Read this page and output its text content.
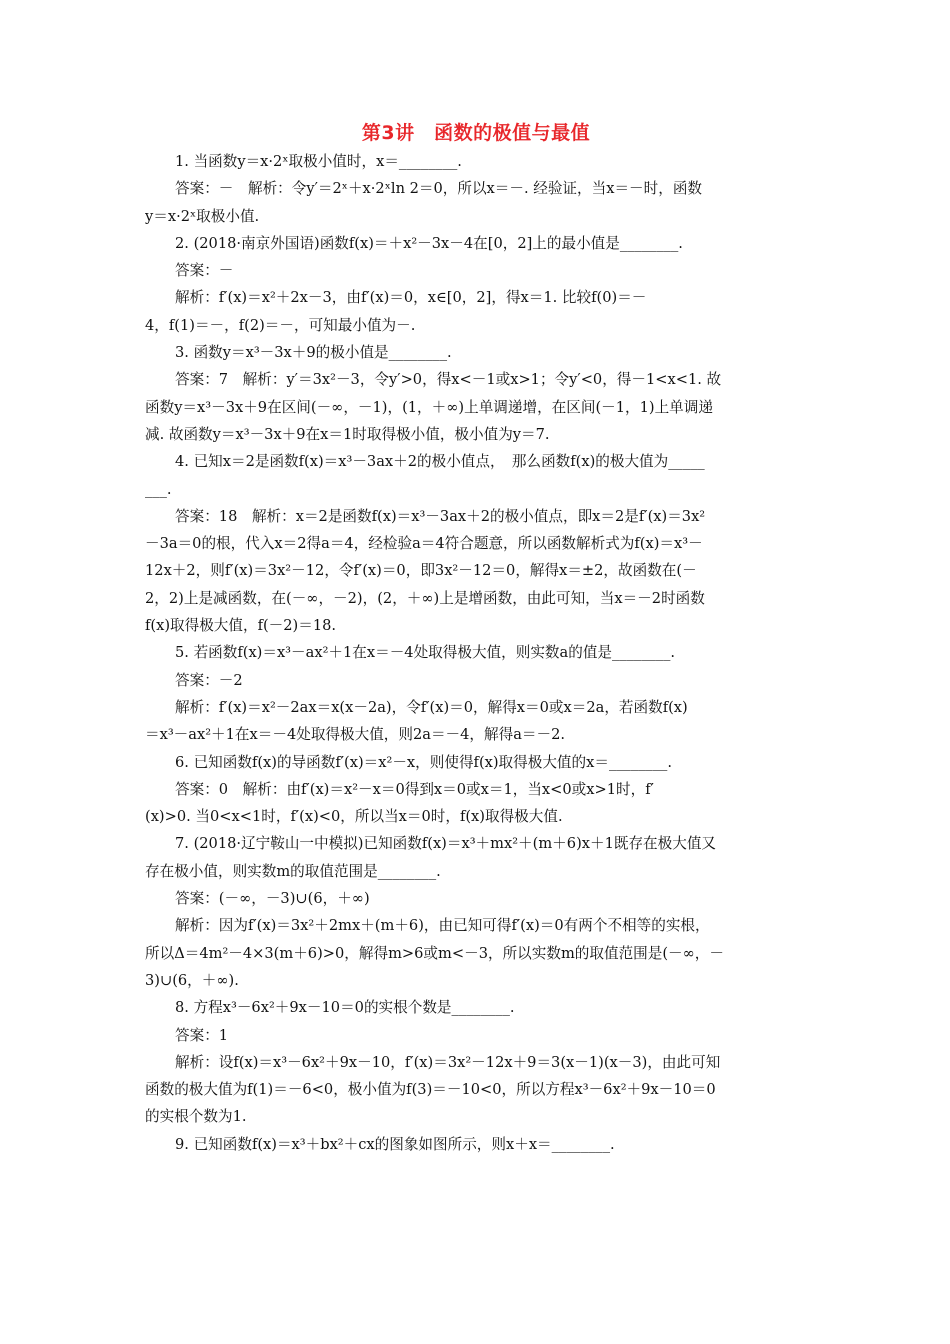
第3讲　函数的极值与最值
1. 当函数y＝x·2ˣ取极小值时，x＝________.
答案：－　解析：令y′＝2ˣ＋x·2ˣln 2＝0，所以x＝－. 经验证，当x＝－时，函数
y＝x·2ˣ取极小值.
2. (2018·南京外国语)函数f(x)＝＋x²－3x－4在[0，2]上的最小值是________.
答案：－
解析：f′(x)＝x²＋2x－3，由f′(x)＝0，x∈[0，2]，得x＝1. 比较f(0)＝－
4，f(1)＝－，f(2)＝－，可知最小值为－.
3. 函数y＝x³－3x＋9的极小值是________.
答案：7　解析：y′＝3x²－3，令y′>0，得x<－1或x>1；令y′<0，得－1<x<1. 故
函数y＝x³－3x＋9在区间(－∞，－1)，(1，＋∞)上单调递增，在区间(－1，1)上单调递
减. 故函数y＝x³－3x＋9在x＝1时取得极小值，极小值为y＝7.
4. 已知x＝2是函数f(x)＝x³－3ax＋2的极小值点，　那么函数f(x)的极大值为_____
___.
答案：18　解析：x＝2是函数f(x)＝x³－3ax＋2的极小值点，即x＝2是f′(x)＝3x²
－3a＝0的根，代入x＝2得a＝4，经检验a＝4符合题意，所以函数解析式为f(x)＝x³－
12x＋2，则f′(x)＝3x²－12，令f′(x)＝0，即3x²－12＝0，解得x＝±2，故函数在(－
2，2)上是减函数，在(－∞，－2)，(2，＋∞)上是增函数，由此可知，当x＝－2时函数
f(x)取得极大值，f(－2)＝18.
5. 若函数f(x)＝x³－ax²＋1在x＝－4处取得极大值，则实数a的值是________.
答案：－2
解析：f′(x)＝x²－2ax＝x(x－2a)，令f′(x)＝0，解得x＝0或x＝2a，若函数f(x)
＝x³－ax²＋1在x＝－4处取得极大值，则2a＝－4，解得a＝－2.
6. 已知函数f(x)的导函数f′(x)＝x²－x，则使得f(x)取得极大值的x＝________.
答案：0　解析：由f′(x)＝x²－x＝0得到x＝0或x＝1，当x<0或x>1时，f′
(x)>0. 当0<x<1时，f′(x)<0，所以当x＝0时，f(x)取得极大值.
7. (2018·辽宁鞍山一中模拟)已知函数f(x)＝x³＋mx²＋(m＋6)x＋1既存在极大值又
存在极小值，则实数m的取值范围是________.
答案：(－∞，－3)∪(6，＋∞)
解析：因为f′(x)＝3x²＋2mx＋(m＋6)，由已知可得f′(x)＝0有两个不相等的实根，
所以Δ＝4m²－4×3(m＋6)>0，解得m>6或m<－3，所以实数m的取值范围是(－∞，－
3)∪(6，＋∞).
8. 方程x³－6x²＋9x－10＝0的实根个数是________.
答案：1
解析：设f(x)＝x³－6x²＋9x－10，f′(x)＝3x²－12x＋9＝3(x－1)(x－3)，由此可知
函数的极大值为f(1)＝－6<0，极小值为f(3)＝－10<0，所以方程x³－6x²＋9x－10＝0
的实根个数为1.
9. 已知函数f(x)＝x³＋bx²＋cx的图象如图所示，则x＋x＝________.
